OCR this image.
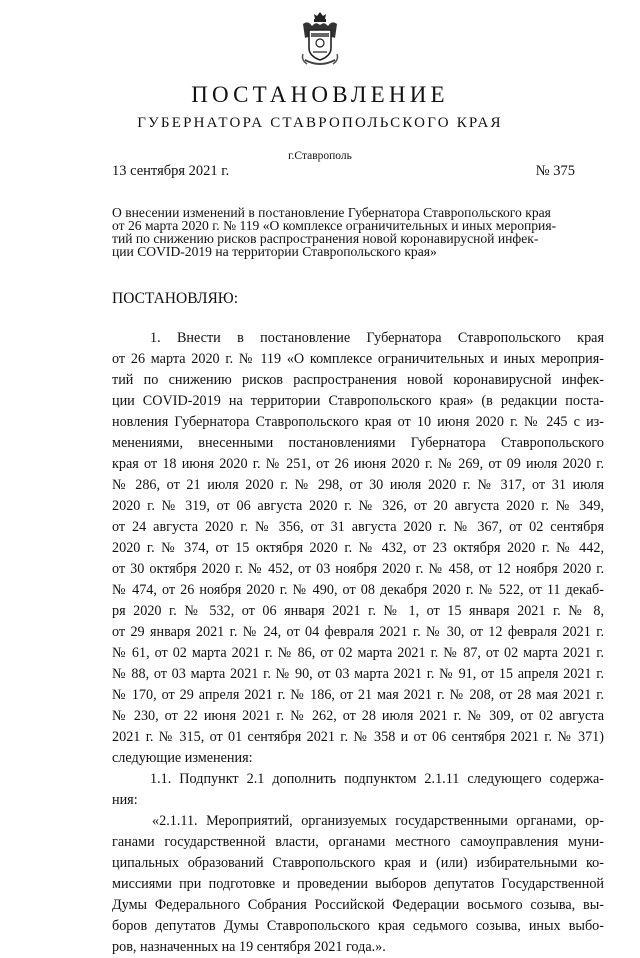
ПОСТАНОВЛЕНИЕ
ГУБЕРНАТОРА СТАВРОПОЛЬСКОГО КРАЯ
г.Ставрополь
13 сентября 2021 г.	№ 375
О внесении изменений в постановление Губернатора Ставропольского края
от 26 марта 2020 г. № 119 «О комплексе ограничительных и иных мероприя-
тий по снижению рисков распространения новой коронавирусной инфек-
ции COVID-2019 на территории Ставропольского края»
ПОСТАНОВЛЯЮ:
1. Внести в постановление Губернатора Ставропольского края
от 26 марта 2020 г. № 119 «О комплексе ограничительных и иных мероприя-
тий по снижению рисков распространения новой коронавирусной инфек-
ции COVID-2019 на территории Ставропольского края» (в редакции поста-
новления Губернатора Ставропольского края от 10 июня 2020 г. № 245 с из-
менениями, внесенными постановлениями Губернатора Ставропольского
края от 18 июня 2020 г. № 251, от 26 июня 2020 г. № 269, от 09 июля 2020 г.
№ 286, от 21 июля 2020 г. № 298, от 30 июля 2020 г. № 317, от 31 июля
2020 г. № 319, от 06 августа 2020 г. № 326, от 20 августа 2020 г. № 349,
от 24 августа 2020 г. № 356, от 31 августа 2020 г. № 367, от 02 сентября
2020 г. № 374, от 15 октября 2020 г. № 432, от 23 октября 2020 г. № 442,
от 30 октября 2020 г. № 452, от 03 ноября 2020 г. № 458, от 12 ноября 2020 г.
№ 474, от 26 ноября 2020 г. № 490, от 08 декабря 2020 г. № 522, от 11 декаб-
ря 2020 г. № 532, от 06 января 2021 г. № 1, от 15 января 2021 г. № 8,
от 29 января 2021 г. № 24, от 04 февраля 2021 г. № 30, от 12 февраля 2021 г.
№ 61, от 02 марта 2021 г. № 86, от 02 марта 2021 г. № 87, от 02 марта 2021 г.
№ 88, от 03 марта 2021 г. № 90, от 03 марта 2021 г. № 91, от 15 апреля 2021 г.
№ 170, от 29 апреля 2021 г. № 186, от 21 мая 2021 г. № 208, от 28 мая 2021 г.
№ 230, от 22 июня 2021 г. № 262, от 28 июля 2021 г. № 309, от 02 августа
2021 г. № 315, от 01 сентября 2021 г. № 358 и от 06 сентября 2021 г. № 371)
следующие изменения:
1.1. Подпункт 2.1 дополнить подпунктом 2.1.11 следующего содержа-
ния:
«2.1.11. Мероприятий, организуемых государственными органами, ор-
ганами государственной власти, органами местного самоуправления муни-
ципальных образований Ставропольского края и (или) избирательными ко-
миссиями при подготовке и проведении выборов депутатов Государственной
Думы Федерального Собрания Российской Федерации восьмого созыва, вы-
боров депутатов Думы Ставропольского края седьмого созыва, иных выбо-
ров, назначенных на 19 сентября 2021 года.».
